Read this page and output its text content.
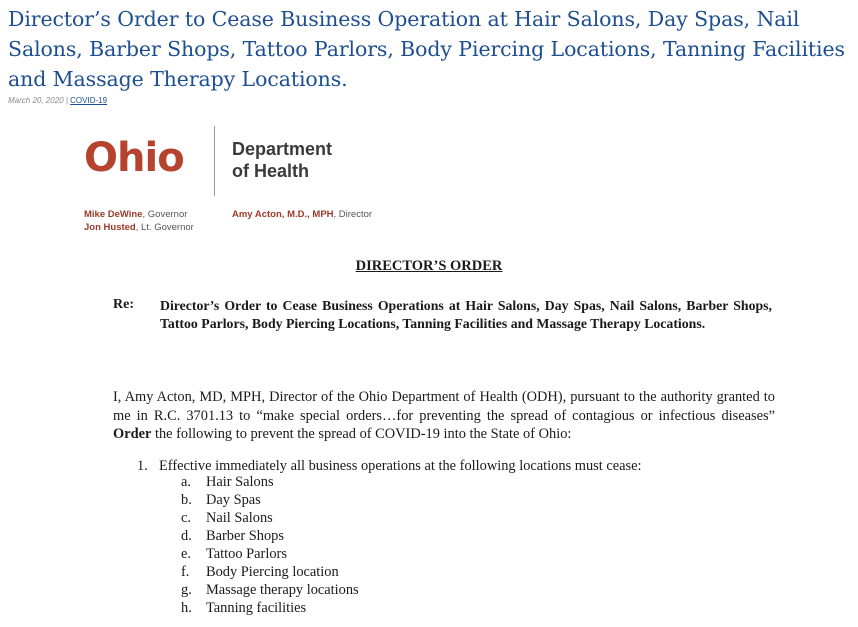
Director’s Order to Cease Business Operation at Hair Salons, Day Spas, Nail Salons, Barber Shops, Tattoo Parlors, Body Piercing Locations, Tanning Facilities and Massage Therapy Locations.
March 20, 2020 | COVID-19
Ohio	Department
of Health
Mike DeWine, Governor
Jon Husted, Lt. Governor
Amy Acton, M.D., MPH, Director
DIRECTOR’S ORDER
Re: Director’s Order to Cease Business Operations at Hair Salons, Day Spas, Nail Salons, Barber Shops, Tattoo Parlors, Body Piercing Locations, Tanning Facilities and Massage Therapy Locations.
I, Amy Acton, MD, MPH, Director of the Ohio Department of Health (ODH), pursuant to the authority granted to me in R.C. 3701.13 to “make special orders…for preventing the spread of contagious or infectious diseases” Order the following to prevent the spread of COVID-19 into the State of Ohio:
1. Effective immediately all business operations at the following locations must cease:
a. Hair Salons
b. Day Spas
c. Nail Salons
d. Barber Shops
e. Tattoo Parlors
f. Body Piercing location
g. Massage therapy locations
h. Tanning facilities
